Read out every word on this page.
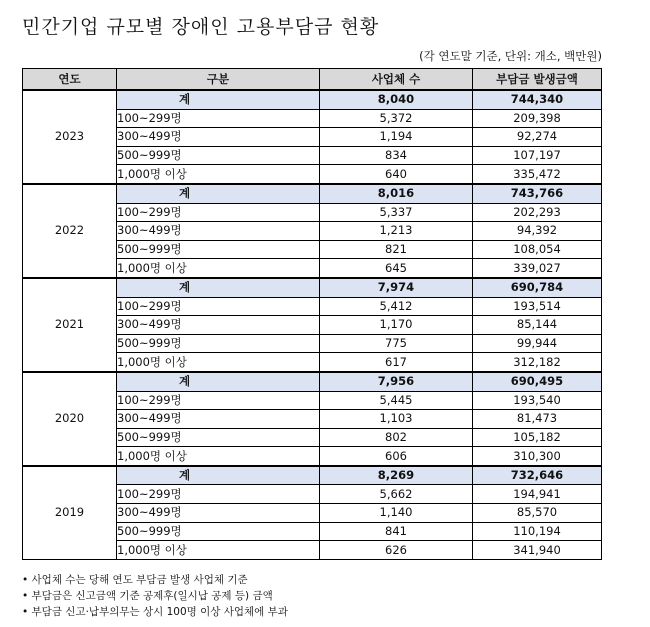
민간기업 규모별 장애인 고용부담금 현황
(각 연도말 기준, 단위: 개소, 백만원)
연도	구분	사업체 수	부담금 발생금액
2023	계	8,040	744,340
	100~299명	5,372	209,398
	300~499명	1,194	92,274
	500~999명	834	107,197
	1,000명 이상	640	335,472
2022	계	8,016	743,766
	100~299명	5,337	202,293
	300~499명	1,213	94,392
	500~999명	821	108,054
	1,000명 이상	645	339,027
2021	계	7,974	690,784
	100~299명	5,412	193,514
	300~499명	1,170	85,144
	500~999명	775	99,944
	1,000명 이상	617	312,182
2020	계	7,956	690,495
	100~299명	5,445	193,540
	300~499명	1,103	81,473
	500~999명	802	105,182
	1,000명 이상	606	310,300
2019	계	8,269	732,646
	100~299명	5,662	194,941
	300~499명	1,140	85,570
	500~999명	841	110,194
	1,000명 이상	626	341,940
• 사업체 수는 당해 연도 부담금 발생 사업체 기준
• 부담금은 신고금액 기준 공제후(일시납 공제 등) 금액
• 부담금 신고·납부의무는 상시 100명 이상 사업체에 부과
